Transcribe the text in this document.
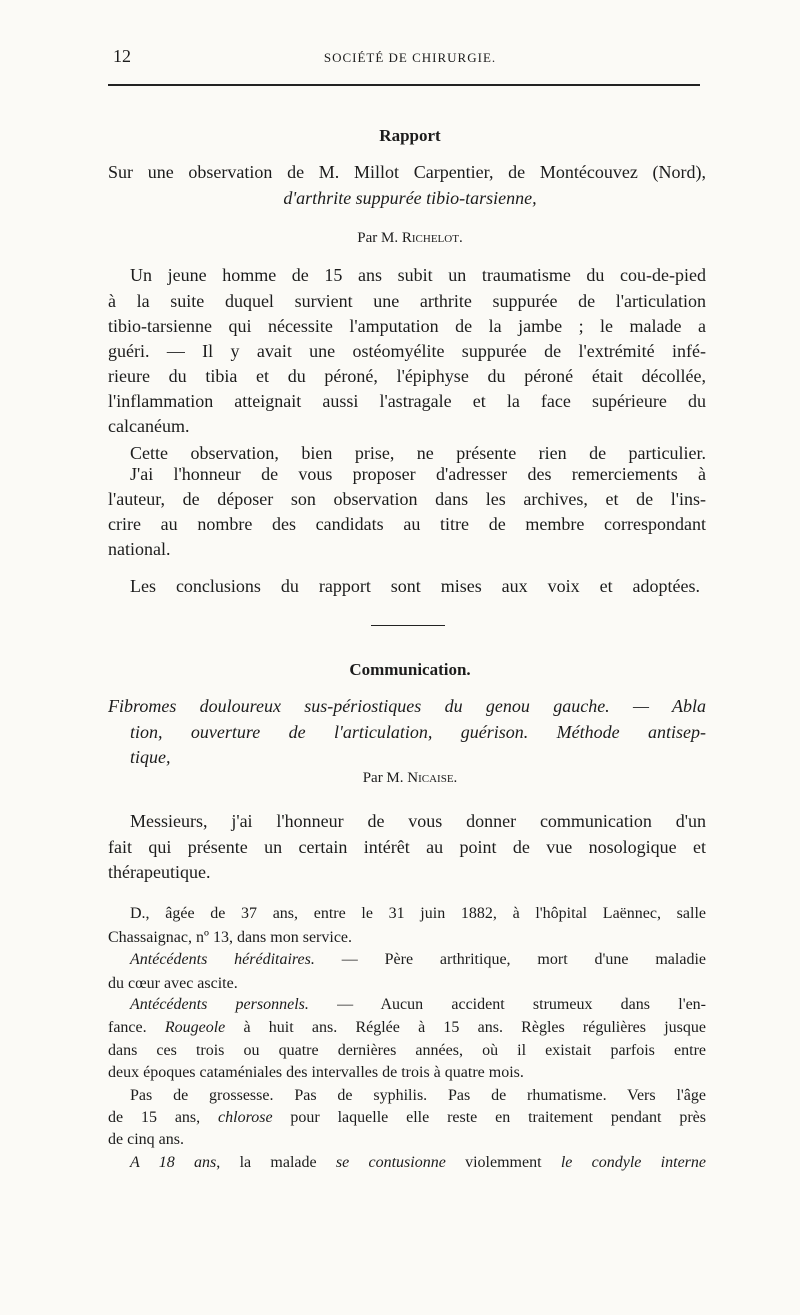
12	SOCIÉTÉ DE CHIRURGIE.
Rapport
Sur une observation de M. Millot Carpentier, de Montécouvez (Nord),
d'arthrite suppurée tibio-tarsienne,
Par M. Richelot.
Un jeune homme de 15 ans subit un traumatisme du cou-de-pied
à la suite duquel survient une arthrite suppurée de l'articulation
tibio-tarsienne qui nécessite l'amputation de la jambe ; le malade a
guéri. — Il y avait une ostéomyélite suppurée de l'extrémité infé-
rieure du tibia et du péroné, l'épiphyse du péroné était décollée,
l'inflammation atteignait aussi l'astragale et la face supérieure du
calcanéum.
Cette observation, bien prise, ne présente rien de particulier.
J'ai l'honneur de vous proposer d'adresser des remerciements à
l'auteur, de déposer son observation dans les archives, et de l'ins-
crire au nombre des candidats au titre de membre correspondant
national.
Les conclusions du rapport sont mises aux voix et adoptées.
Communication.
Fibromes douloureux sus-périostiques du genou gauche. — Abla
tion, ouverture de l'articulation, guérison. Méthode antisep-
tique,
Par M. Nicaise.
Messieurs, j'ai l'honneur de vous donner communication d'un
fait qui présente un certain intérêt au point de vue nosologique et
thérapeutique.
D., âgée de 37 ans, entre le 31 juin 1882, à l'hôpital Laënnec, salle
Chassaignac, nº 13, dans mon service.
Antécédents héréditaires. — Père arthritique, mort d'une maladie
du cœur avec ascite.
Antécédents personnels. — Aucun accident strumeux dans l'en-
fance. Rougeole à huit ans. Réglée à 15 ans. Règles régulières jusque
dans ces trois ou quatre dernières années, où il existait parfois entre
deux époques cataméniales des intervalles de trois à quatre mois.
Pas de grossesse. Pas de syphilis. Pas de rhumatisme. Vers l'âge
de 15 ans, chlorose pour laquelle elle reste en traitement pendant près
de cinq ans.
A 18 ans, la malade se contusionne violemment le condyle interne
